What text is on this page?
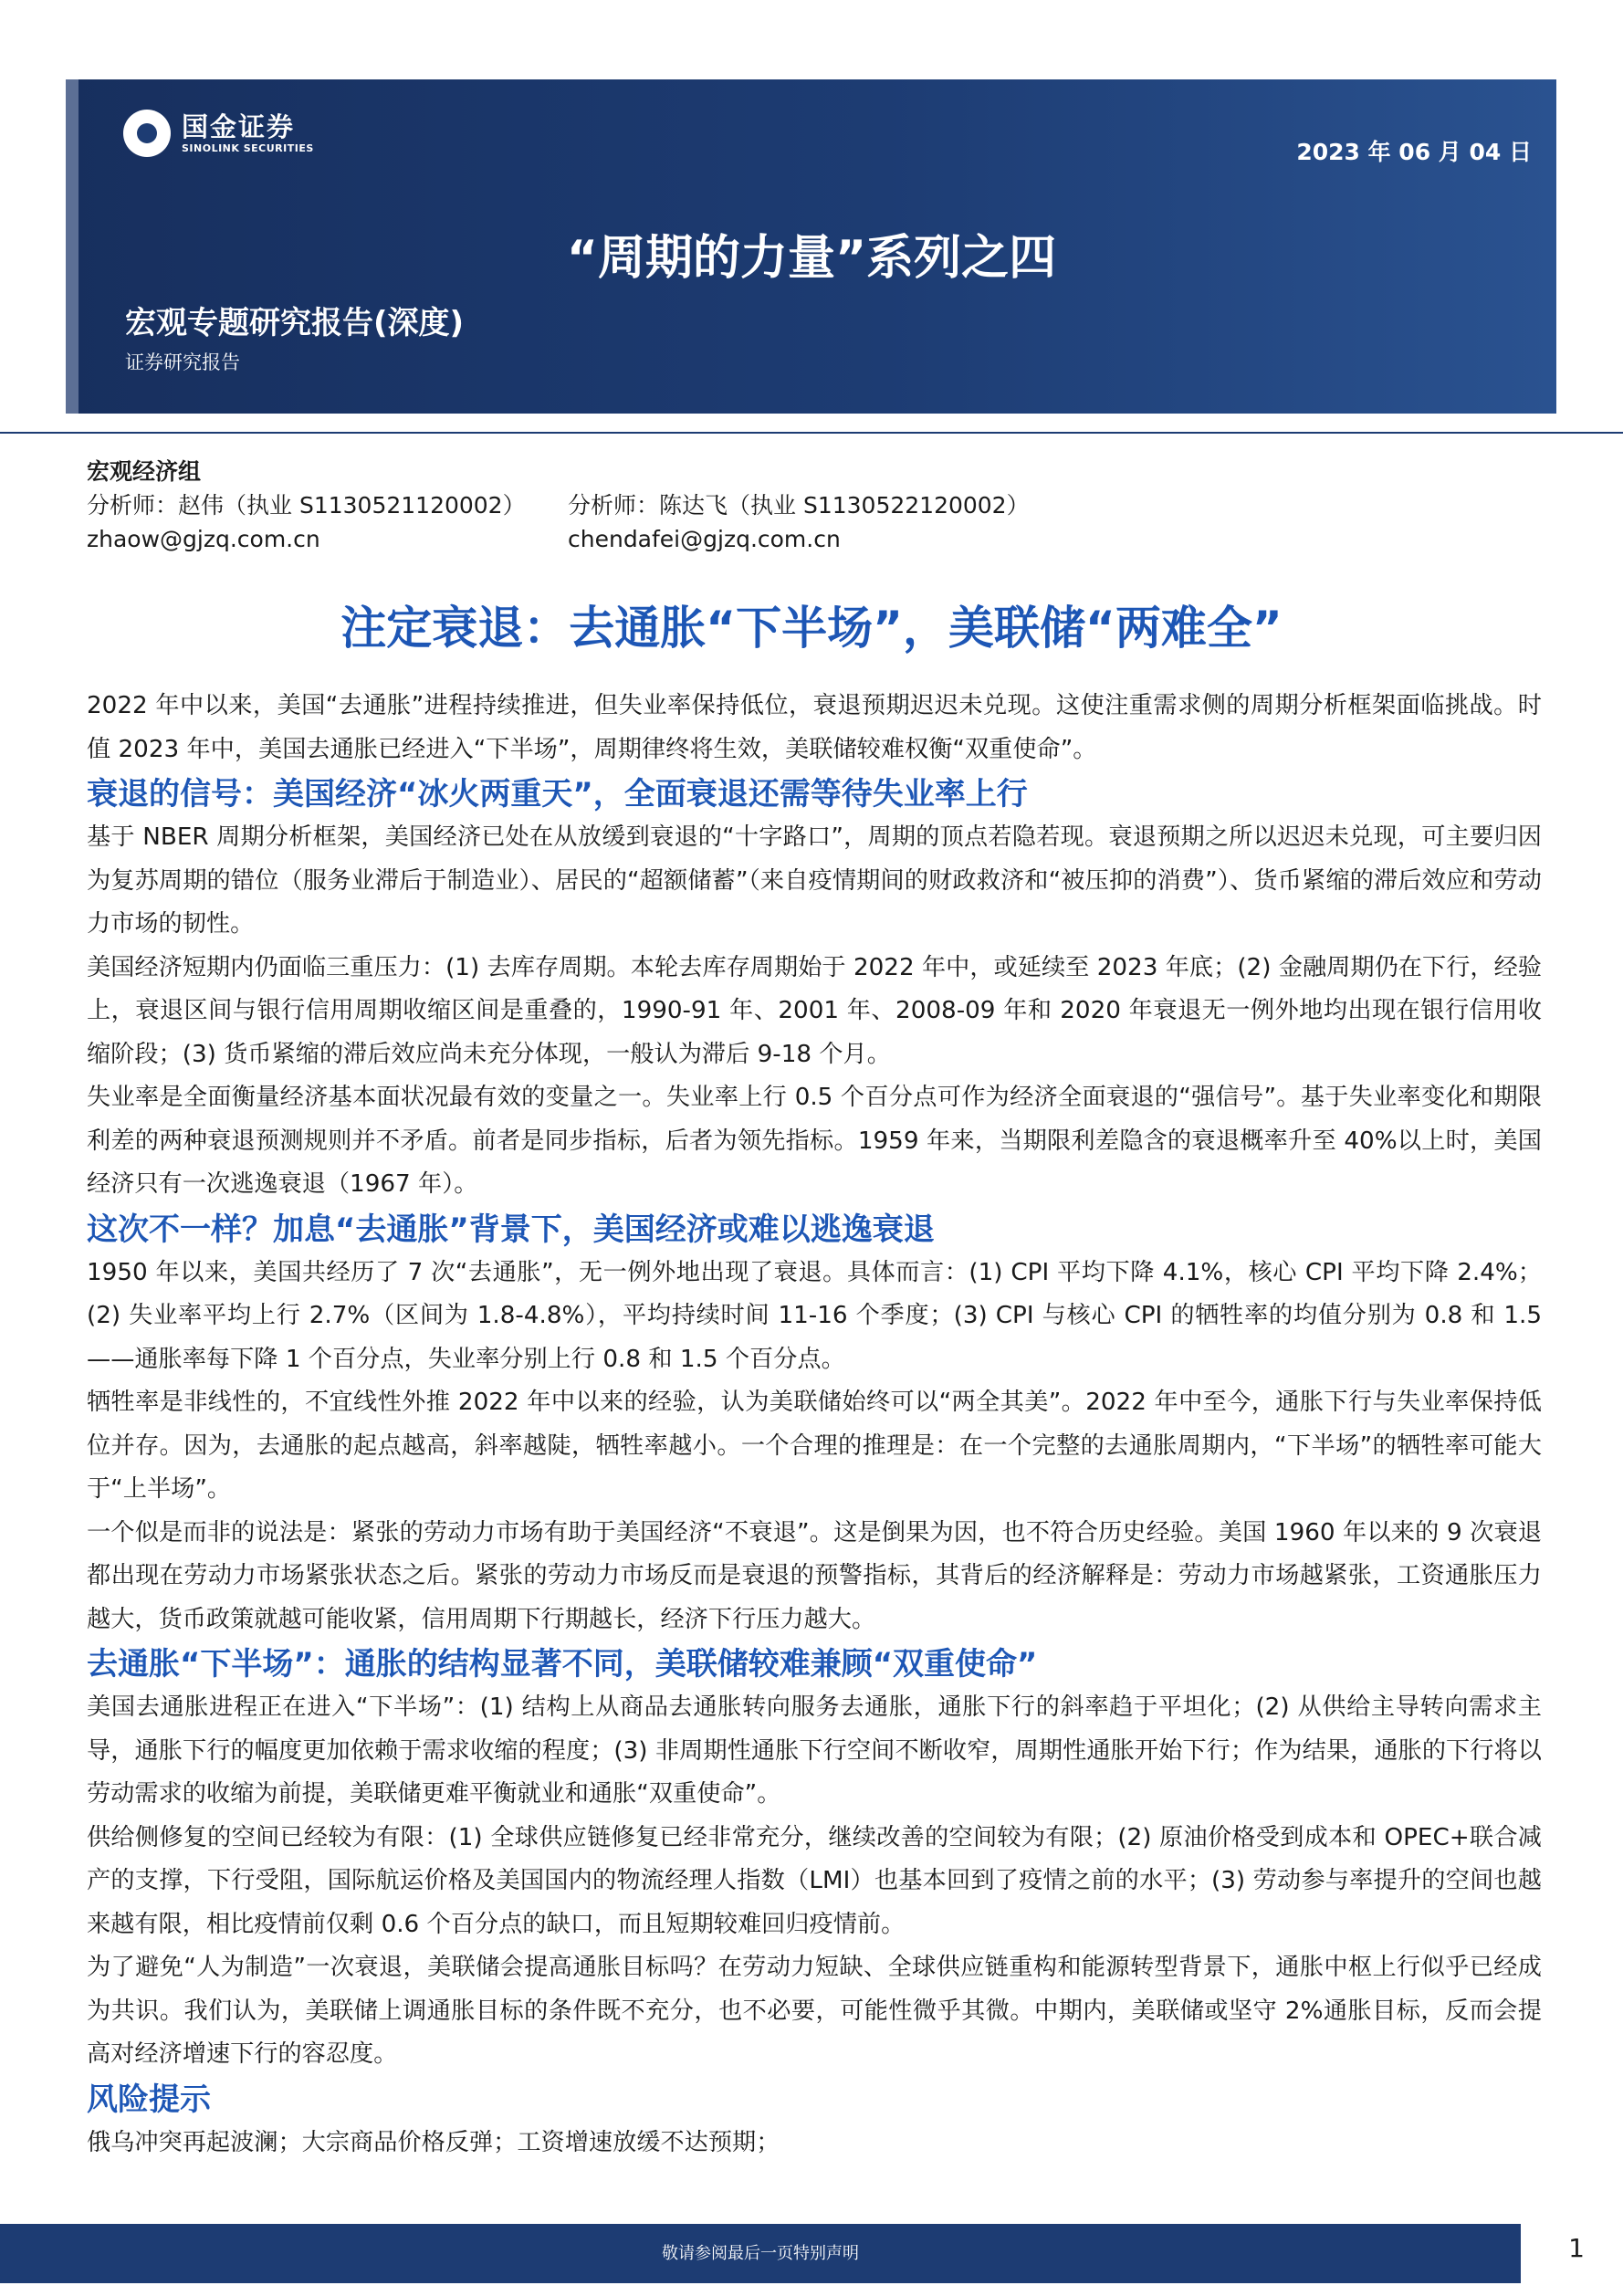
国金证券
SINOLINK SECURITIES	2023 年 06 月 04 日
“周期的力量”系列之四
宏观专题研究报告(深度)
证券研究报告
宏观经济组
分析师：赵伟（执业 S1130521120002） 分析师：陈达飞（执业 S1130522120002）
zhaow@gjzq.com.cn	chendafei@gjzq.com.cn
注定衰退：去通胀“下半场”，美联储“两难全”

2022 年中以来，美国“去通胀”进程持续推进，但失业率保持低位，衰退预期迟迟未兑现。这使注重需求侧的周期分析框架面临挑战。时值 2023 年中，美国去通胀已经进入“下半场”，周期律终将生效，美联储较难权衡“双重使命”。

衰退的信号：美国经济“冰火两重天”，全面衰退还需等待失业率上行

基于 NBER 周期分析框架，美国经济已处在从放缓到衰退的“十字路口”，周期的顶点若隐若现。衰退预期之所以迟迟未兑现，可主要归因为复苏周期的错位（服务业滞后于制造业）、居民的“超额储蓄”（来自疫情期间的财政救济和“被压抑的消费”）、货币紧缩的滞后效应和劳动力市场的韧性。

美国经济短期内仍面临三重压力：(1) 去库存周期。本轮去库存周期始于 2022 年中，或延续至 2023 年底；(2) 金融周期仍在下行，经验上，衰退区间与银行信用周期收缩区间是重叠的，1990-91 年、2001 年、2008-09 年和 2020 年衰退无一例外地均出现在银行信用收缩阶段；(3) 货币紧缩的滞后效应尚未充分体现，一般认为滞后 9-18 个月。

失业率是全面衡量经济基本面状况最有效的变量之一。失业率上行 0.5 个百分点可作为经济全面衰退的“强信号”。基于失业率变化和期限利差的两种衰退预测规则并不矛盾。前者是同步指标，后者为领先指标。1959 年来，当期限利差隐含的衰退概率升至 40%以上时，美国经济只有一次逃逸衰退（1967 年）。

这次不一样？加息“去通胀”背景下，美国经济或难以逃逸衰退

1950 年以来，美国共经历了 7 次“去通胀”，无一例外地出现了衰退。具体而言：(1) CPI 平均下降 4.1%，核心 CPI 平均下降 2.4%；(2) 失业率平均上行 2.7%（区间为 1.8-4.8%），平均持续时间 11-16 个季度；(3) CPI 与核心 CPI 的牺牲率的均值分别为 0.8 和 1.5——通胀率每下降 1 个百分点，失业率分别上行 0.8 和 1.5 个百分点。

牺牲率是非线性的，不宜线性外推 2022 年中以来的经验，认为美联储始终可以“两全其美”。2022 年中至今，通胀下行与失业率保持低位并存。因为，去通胀的起点越高，斜率越陡，牺牲率越小。一个合理的推理是：在一个完整的去通胀周期内，“下半场”的牺牲率可能大于“上半场”。

一个似是而非的说法是：紧张的劳动力市场有助于美国经济“不衰退”。这是倒果为因，也不符合历史经验。美国 1960 年以来的 9 次衰退都出现在劳动力市场紧张状态之后。紧张的劳动力市场反而是衰退的预警指标，其背后的经济解释是：劳动力市场越紧张，工资通胀压力越大，货币政策就越可能收紧，信用周期下行期越长，经济下行压力越大。

去通胀“下半场”：通胀的结构显著不同，美联储较难兼顾“双重使命”

美国去通胀进程正在进入“下半场”：(1) 结构上从商品去通胀转向服务去通胀，通胀下行的斜率趋于平坦化；(2) 从供给主导转向需求主导，通胀下行的幅度更加依赖于需求收缩的程度；(3) 非周期性通胀下行空间不断收窄，周期性通胀开始下行；作为结果，通胀的下行将以劳动需求的收缩为前提，美联储更难平衡就业和通胀“双重使命”。

供给侧修复的空间已经较为有限：(1) 全球供应链修复已经非常充分，继续改善的空间较为有限；(2) 原油价格受到成本和 OPEC+联合减产的支撑，下行受阻，国际航运价格及美国国内的物流经理人指数（LMI）也基本回到了疫情之前的水平；(3) 劳动参与率提升的空间也越来越有限，相比疫情前仅剩 0.6 个百分点的缺口，而且短期较难回归疫情前。

为了避免“人为制造”一次衰退，美联储会提高通胀目标吗？在劳动力短缺、全球供应链重构和能源转型背景下，通胀中枢上行似乎已经成为共识。我们认为，美联储上调通胀目标的条件既不充分，也不必要，可能性微乎其微。中期内，美联储或坚守 2%通胀目标，反而会提高对经济增速下行的容忍度。

风险提示

俄乌冲突再起波澜；大宗商品价格反弹；工资增速放缓不达预期；

敬请参阅最后一页特别声明	1
